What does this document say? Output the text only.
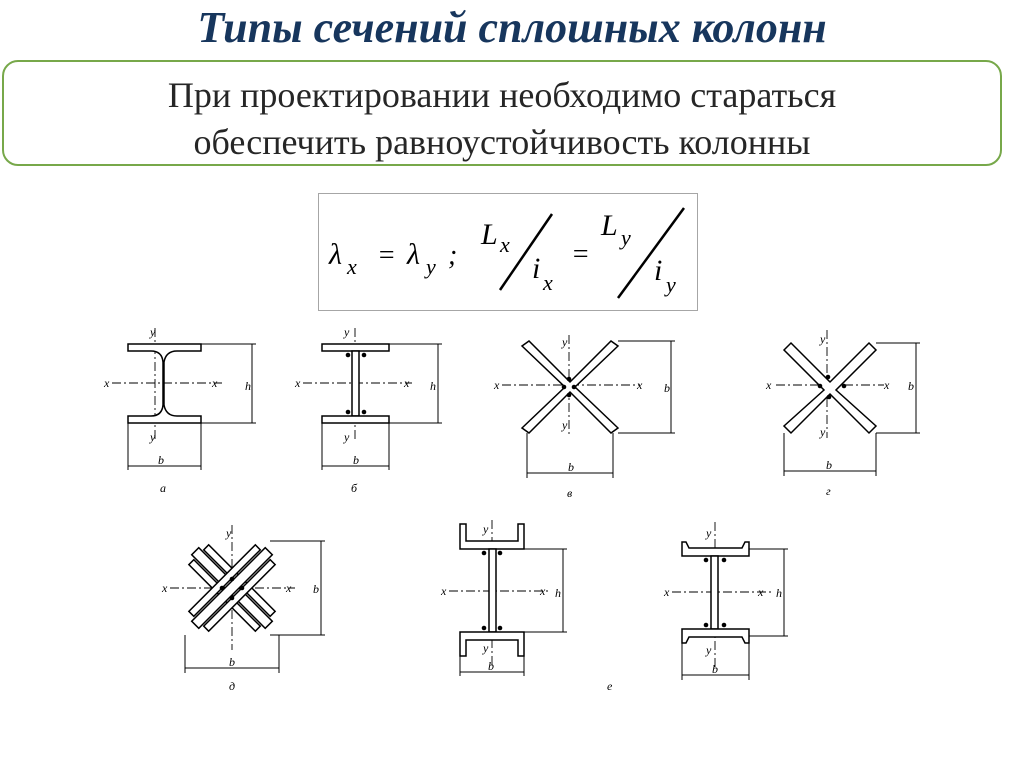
Типы сечений сплошных колонн
При проектировании необходимо стараться
обеспечить равноустойчивость колонны
λ x = λ y ;
L x
i x
=
L y
i y
y
y
x	x h
b
а
y
y
x	x h
b
б
y
y
x	x b
b
в
y
y
x	x b
b
г
y
x	x b
b
д
y
y
x	x h
b
е
y
y
x	x h
b
